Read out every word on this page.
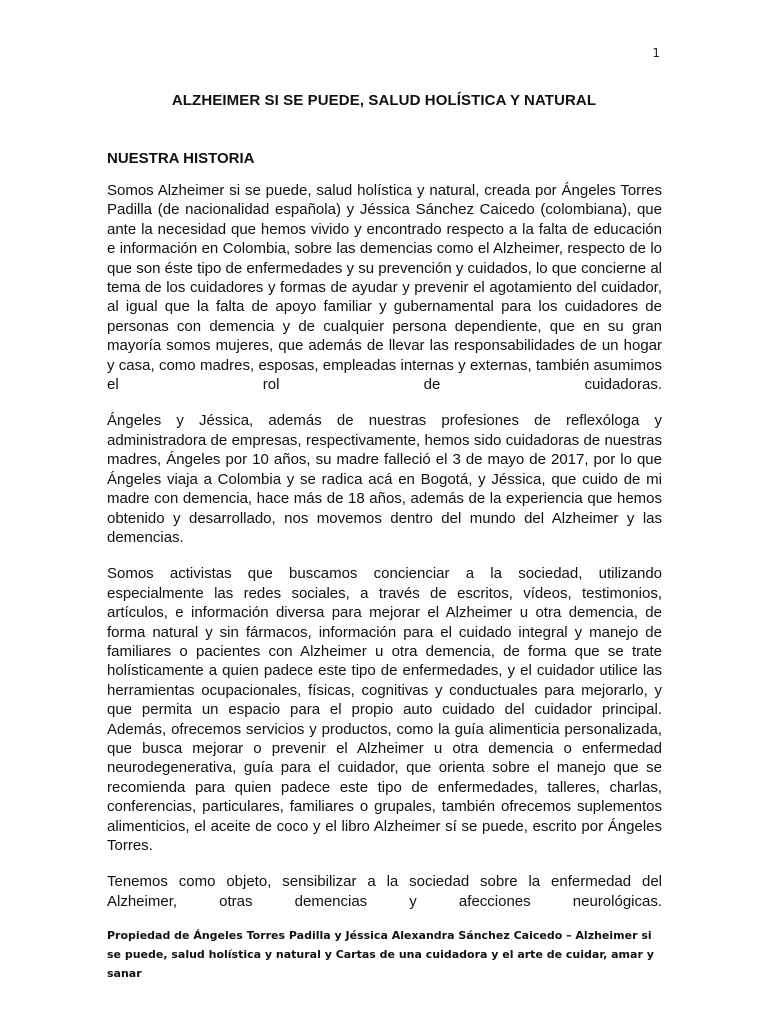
1
ALZHEIMER SI SE PUEDE, SALUD HOLÍSTICA Y NATURAL
NUESTRA HISTORIA

Somos Alzheimer si se puede, salud holística y natural, creada por Ángeles Torres Padilla (de nacionalidad española) y Jéssica Sánchez Caicedo (colombiana), que ante la necesidad que hemos vivido y encontrado respecto a la falta de educación e información en Colombia, sobre las demencias como el Alzheimer, respecto de lo que son éste tipo de enfermedades y su prevención y cuidados, lo que concierne al tema de los cuidadores y formas de ayudar y prevenir el agotamiento del cuidador, al igual que la falta de apoyo familiar y gubernamental para los cuidadores de personas con demencia y de cualquier persona dependiente, que en su gran mayoría somos mujeres, que además de llevar las responsabilidades de un hogar y casa, como madres, esposas, empleadas internas y externas, también asumimos el rol de cuidadoras.

Ángeles y Jéssica, además de nuestras profesiones de reflexóloga y administradora de empresas, respectivamente, hemos sido cuidadoras de nuestras madres, Ángeles por 10 años, su madre falleció el 3 de mayo de 2017, por lo que Ángeles viaja a Colombia y se radica acá en Bogotá, y Jéssica, que cuido de mi madre con demencia, hace más de 18 años, además de la experiencia que hemos obtenido y desarrollado, nos movemos dentro del mundo del Alzheimer y las demencias.

Somos activistas que buscamos concienciar a la sociedad, utilizando especialmente las redes sociales, a través de escritos, vídeos, testimonios, artículos, e información diversa para mejorar el Alzheimer u otra demencia, de forma natural y sin fármacos, información para el cuidado integral y manejo de familiares o pacientes con Alzheimer u otra demencia, de forma que se trate holísticamente a quien padece este tipo de enfermedades, y el cuidador utilice las herramientas ocupacionales, físicas, cognitivas y conductuales para mejorarlo, y que permita un espacio para el propio auto cuidado del cuidador principal.

Además, ofrecemos servicios y productos, como la guía alimenticia personalizada, que busca mejorar o prevenir el Alzheimer u otra demencia o enfermedad neurodegenerativa, guía para el cuidador, que orienta sobre el manejo que se recomienda para quien padece este tipo de enfermedades, talleres, charlas, conferencias, particulares, familiares o grupales, también ofrecemos suplementos alimenticios, el aceite de coco y el libro Alzheimer sí se puede, escrito por Ángeles Torres.

Tenemos como objeto, sensibilizar a la sociedad sobre la enfermedad del Alzheimer, otras demencias y afecciones neurológicas.

Propiedad de Ángeles Torres Padilla y Jéssica Alexandra Sánchez Caicedo – Alzheimer si se puede, salud holística y natural y Cartas de una cuidadora y el arte de cuidar, amar y sanar
